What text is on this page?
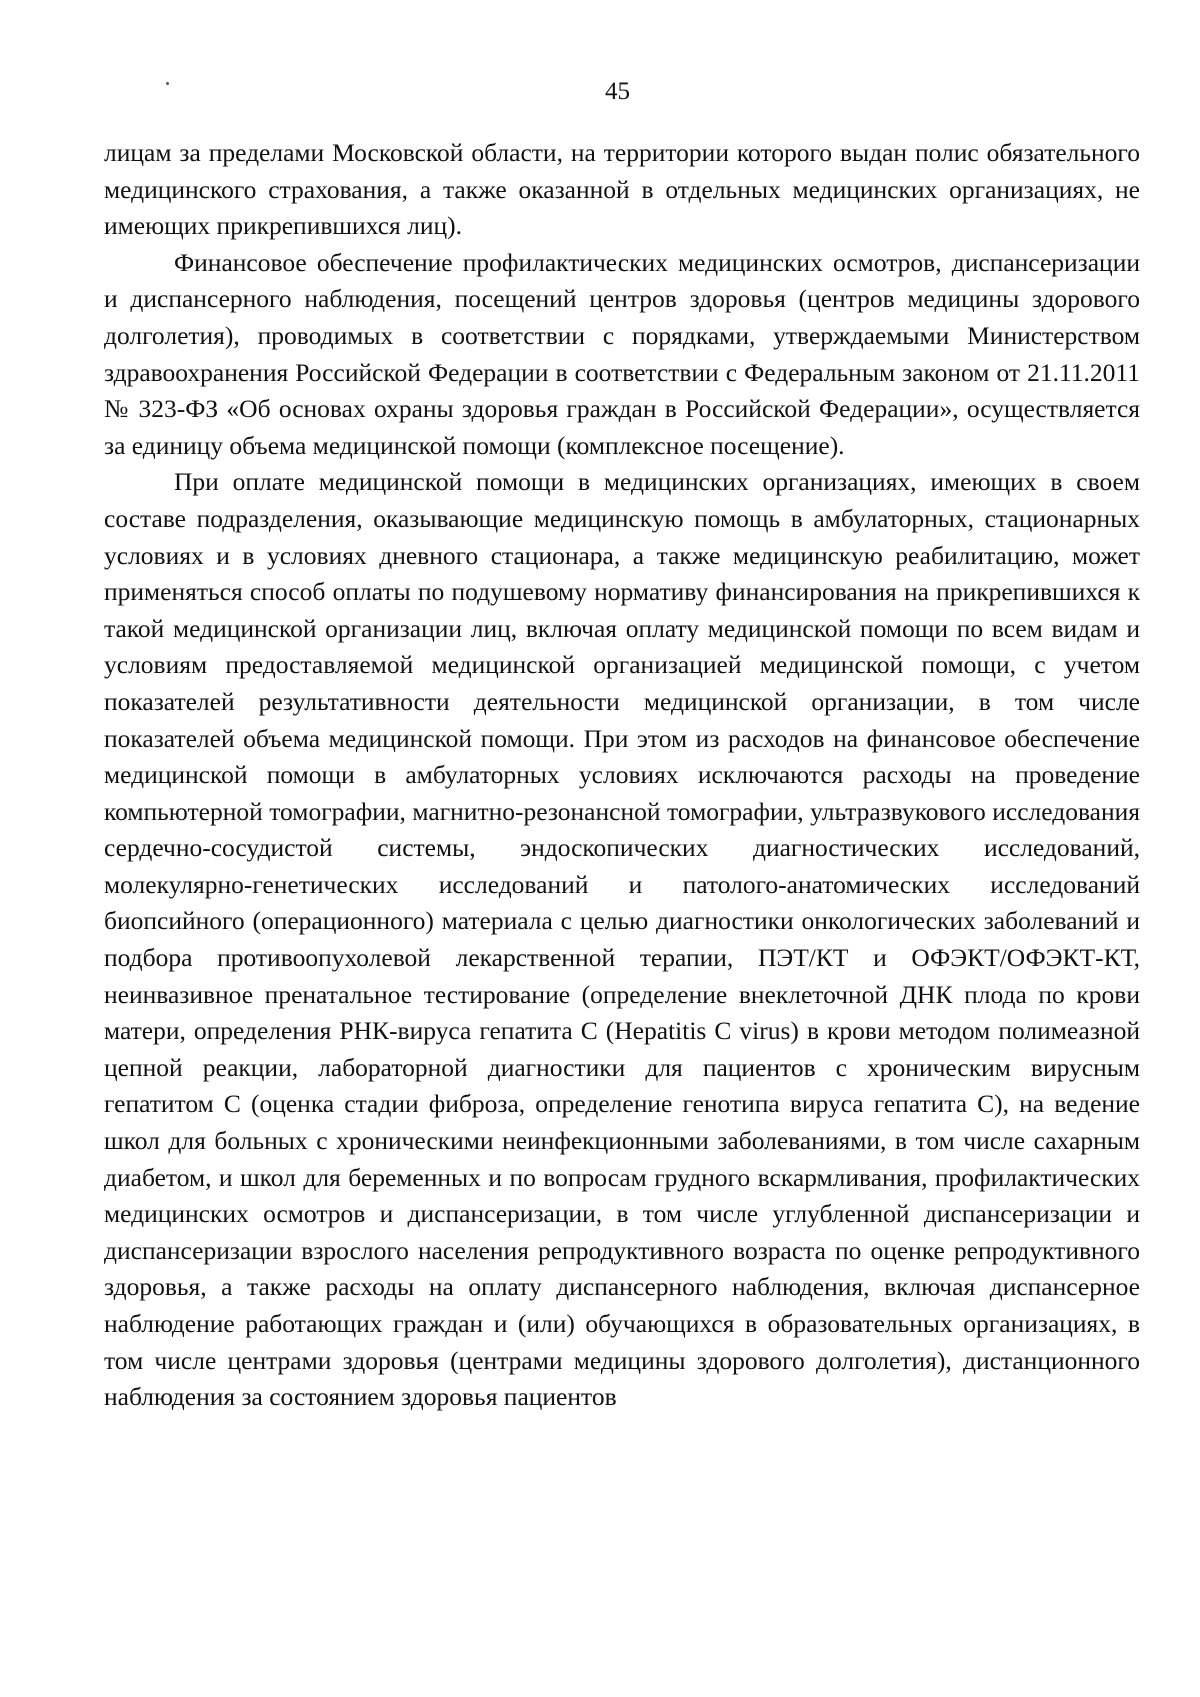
45

лицам за пределами Московской области, на территории которого выдан полис обязательного медицинского страхования, а также оказанной в отдельных медицинских организациях, не имеющих прикрепившихся лиц).

Финансовое обеспечение профилактических медицинских осмотров, диспансеризации и диспансерного наблюдения, посещений центров здоровья (центров медицины здорового долголетия), проводимых в соответствии с порядками, утверждаемыми Министерством здравоохранения Российской Федерации в соответствии с Федеральным законом от 21.11.2011 № 323-ФЗ «Об основах охраны здоровья граждан в Российской Федерации», осуществляется за единицу объема медицинской помощи (комплексное посещение).

При оплате медицинской помощи в медицинских организациях, имеющих в своем составе подразделения, оказывающие медицинскую помощь в амбулаторных, стационарных условиях и в условиях дневного стационара, а также медицинскую реабилитацию, может применяться способ оплаты по подушевому нормативу финансирования на прикрепившихся к такой медицинской организации лиц, включая оплату медицинской помощи по всем видам и условиям предоставляемой медицинской организацией медицинской помощи, с учетом показателей результативности деятельности медицинской организации, в том числе показателей объема медицинской помощи. При этом из расходов на финансовое обеспечение медицинской помощи в амбулаторных условиях исключаются расходы на проведение компьютерной томографии, магнитно-резонансной томографии, ультразвукового исследования сердечно-сосудистой системы, эндоскопических диагностических исследований, молекулярно-генетических исследований и патолого-анатомических исследований биопсийного (операционного) материала с целью диагностики онкологических заболеваний и подбора противоопухолевой лекарственной терапии, ПЭТ/КТ и ОФЭКТ/ОФЭКТ-КТ, неинвазивное пренатальное тестирование (определение внеклеточной ДНК плода по крови матери, определения РНК-вируса гепатита С (Hepatitis C virus) в крови методом полимеазной цепной реакции, лабораторной диагностики для пациентов с хроническим вирусным гепатитом С (оценка стадии фиброза, определение генотипа вируса гепатита С), на ведение школ для больных с хроническими неинфекционными заболеваниями, в том числе сахарным диабетом, и школ для беременных и по вопросам грудного вскармливания, профилактических медицинских осмотров и диспансеризации, в том числе углубленной диспансеризации и диспансеризации взрослого населения репродуктивного возраста по оценке репродуктивного здоровья, а также расходы на оплату диспансерного наблюдения, включая диспансерное наблюдение работающих граждан и (или) обучающихся в образовательных организациях, в том числе центрами здоровья (центрами медицины здорового долголетия), дистанционного наблюдения за состоянием здоровья пациентов
